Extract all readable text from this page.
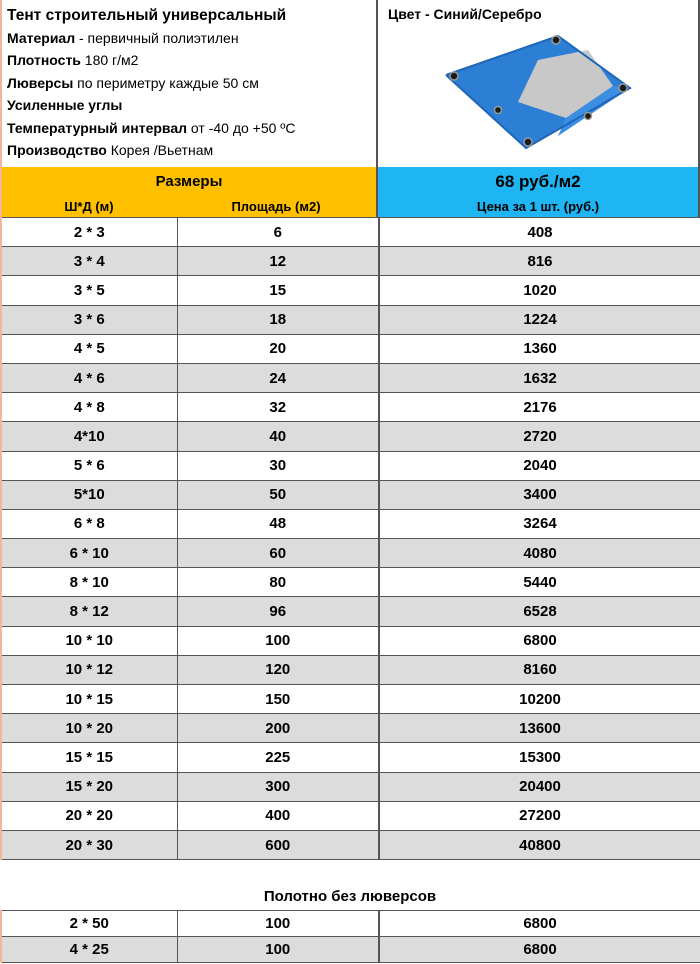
Тент строительный универсальный
Материал - первичный полиэтилен
Плотность 180 г/м2
Люверсы по периметру каждые 50 см
Усиленные углы
Температурный интервал от -40 до +50 ºС
Производство Корея /Вьетнам
Цвет - Синий/Серебро
Размеры	68 руб./м2
Ш*Д (м)	Площадь (м2)	Цена за 1 шт. (руб.)
2 * 3	6	408
3 * 4	12	816
3 * 5	15	1020
3 * 6	18	1224
4 * 5	20	1360
4 * 6	24	1632
4 * 8	32	2176
4*10	40	2720
5 * 6	30	2040
5*10	50	3400
6 * 8	48	3264
6 * 10	60	4080
8 * 10	80	5440
8 * 12	96	6528
10 * 10	100	6800
10 * 12	120	8160
10 * 15	150	10200
10 * 20	200	13600
15 * 15	225	15300
15 * 20	300	20400
20 * 20	400	27200
20 * 30	600	40800
Полотно без люверсов
2 * 50	100	6800
4 * 25	100	6800
